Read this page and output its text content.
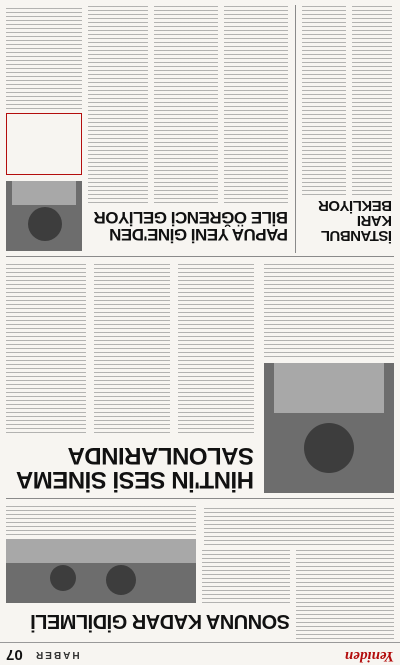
Yeniden
HABER
07
SONUNA KADAR GİDİLMELİ
HİNT'İN SESİ SİNEMA SALONLARINDA
İSTANBUL KARI BEKLİYOR
PAPUA YENİ GİNE'DEN BİLE ÖĞRENCİ GELİYOR
